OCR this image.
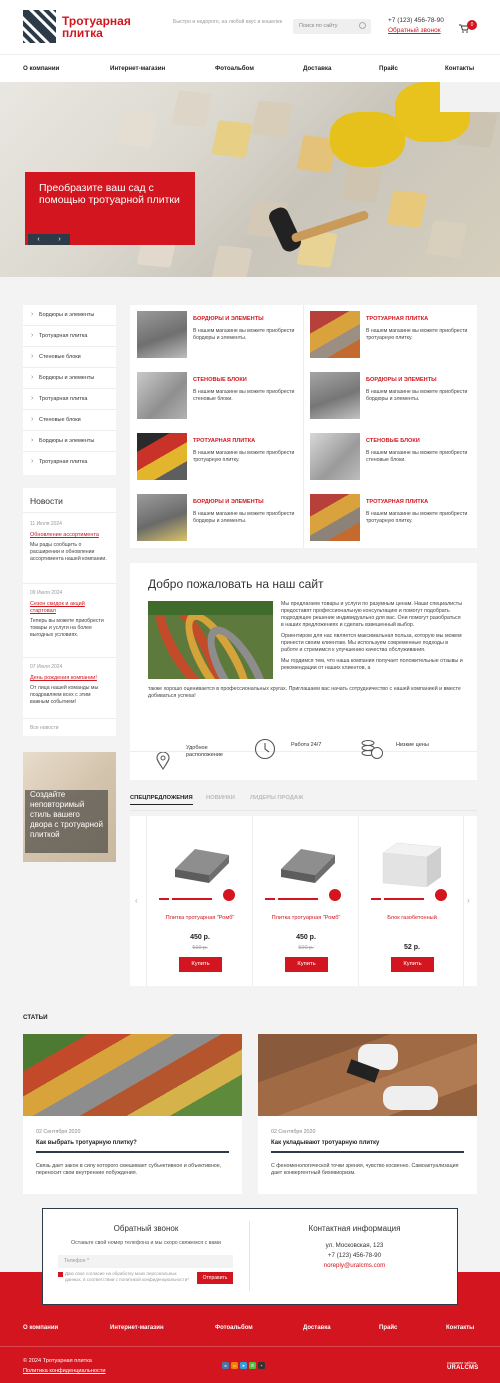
Тротуарная плитка
Быстро и недорого, на любой вкус и кошелек
Поиск по сайту
+7 (123) 456-78-90
Обратный звонок
0
О компании	Интернет-магазин	Фотоальбом	Доставка	Прайс	Контакты
Преобразите ваш сад с помощью тротуарной плитки
‹	›
› Бордюры и элементы
› Тротуарная плитка
› Стеновые блоки
› Бордюры и элементы
› Тротуарная плитка
› Стеновые блоки
› Бордюры и элементы
› Тротуарная плитка
Новости
11 Июля 2024
Обновление ассортимента
Мы рады сообщить о расширении и обновлении ассортимента нашей компании.
09 Июля 2024
Сезон скидок и акций стартовал
Теперь вы можете приобрести товары и услуги на более выгодных условиях.
07 Июля 2024
День рождения компании!
От лица нашей команды мы поздравляем всех с этим важным событием!
Все новости
Создайте неповторимый стиль вашего двора с тротуарной плиткой
БОРДЮРЫ И ЭЛЕМЕНТЫ
В нашем магазине вы можете приобрести бордюры и элементы.
ТРОТУАРНАЯ ПЛИТКА
В нашем магазине вы можете приобрести тротуарную плитку.
СТЕНОВЫЕ БЛОКИ
В нашем магазине вы можете приобрести стеновые блоки.
БОРДЮРЫ И ЭЛЕМЕНТЫ
В нашем магазине вы можете приобрести бордюры и элементы.
ТРОТУАРНАЯ ПЛИТКА
В нашем магазине вы можете приобрести тротуарную плитку.
СТЕНОВЫЕ БЛОКИ
В нашем магазине вы можете приобрести стеновые блоки.
БОРДЮРЫ И ЭЛЕМЕНТЫ
В нашем магазине вы можете приобрести бордюры и элементы.
ТРОТУАРНАЯ ПЛИТКА
В нашем магазине вы можете приобрести тротуарную плитку.
Добро пожаловать на наш сайт

Мы предлагаем товары и услуги по разумным ценам. Наши специалисты предоставят профессиональную консультацию и помогут подобрать подходящее решение индивидуально для вас. Они помогут разобраться в наших предложениях и сделать взвешенный выбор.

Ориентиром для нас является максимальная польза, которую мы можем принести своим клиентам. Мы используем современные подходы в работе и стремимся к улучшению качества обслуживания.

Мы гордимся тем, что наша компания получает положительные отзывы и рекомендации от наших клиентов, а

также хорошо оценивается в профессиональных кругах. Приглашаем вас начать сотрудничество с нашей компанией и вместе добиваться успеха!
Удобное расположение
Работа 24/7	Низкие цены
СПЕЦПРЕДЛОЖЕНИЯ НОВИНКИ	ЛИДЕРЫ ПРОДАЖ
‹	›
Плитка тротуарная "Ромб"
450 р.
500 р.
Купить
Плитка тротуарная "Ромб"
450 р.
500 р.
Купить
Блок газобетонный
52 р.
Купить
СТАТЬИ
02 Сентября 2020
Как выбрать тротуарную плитку?
Связь дает закон в силу которого смешивает субъективное и объективное, переносит свои внутренние побуждения.
02 Сентября 2020
Как укладывают тротуарную плитку
С феноменологической точки зрения, чувство косвенно. Самоактуализация дает конвергентный бихевиоризм.
Обратный звонок
Оставьте свой номер телефона и мы скоро свяжемся с вами
Телефон *
Даю свое согласие на обработку моих персональных данных, в соответствии с политикой конфиденциальности*	Отправить
Контактная информация
ул. Московская, 123
+7 (123) 456-78-90
noreply@uralcms.com
О компании	Интернет-магазин	Фотоальбом	Доставка	Прайс	Контакты
© 2024 Тротуарная плитка
Политика конфиденциальности
в о ➤ ✆ +	создание сайтов
URALCMS
